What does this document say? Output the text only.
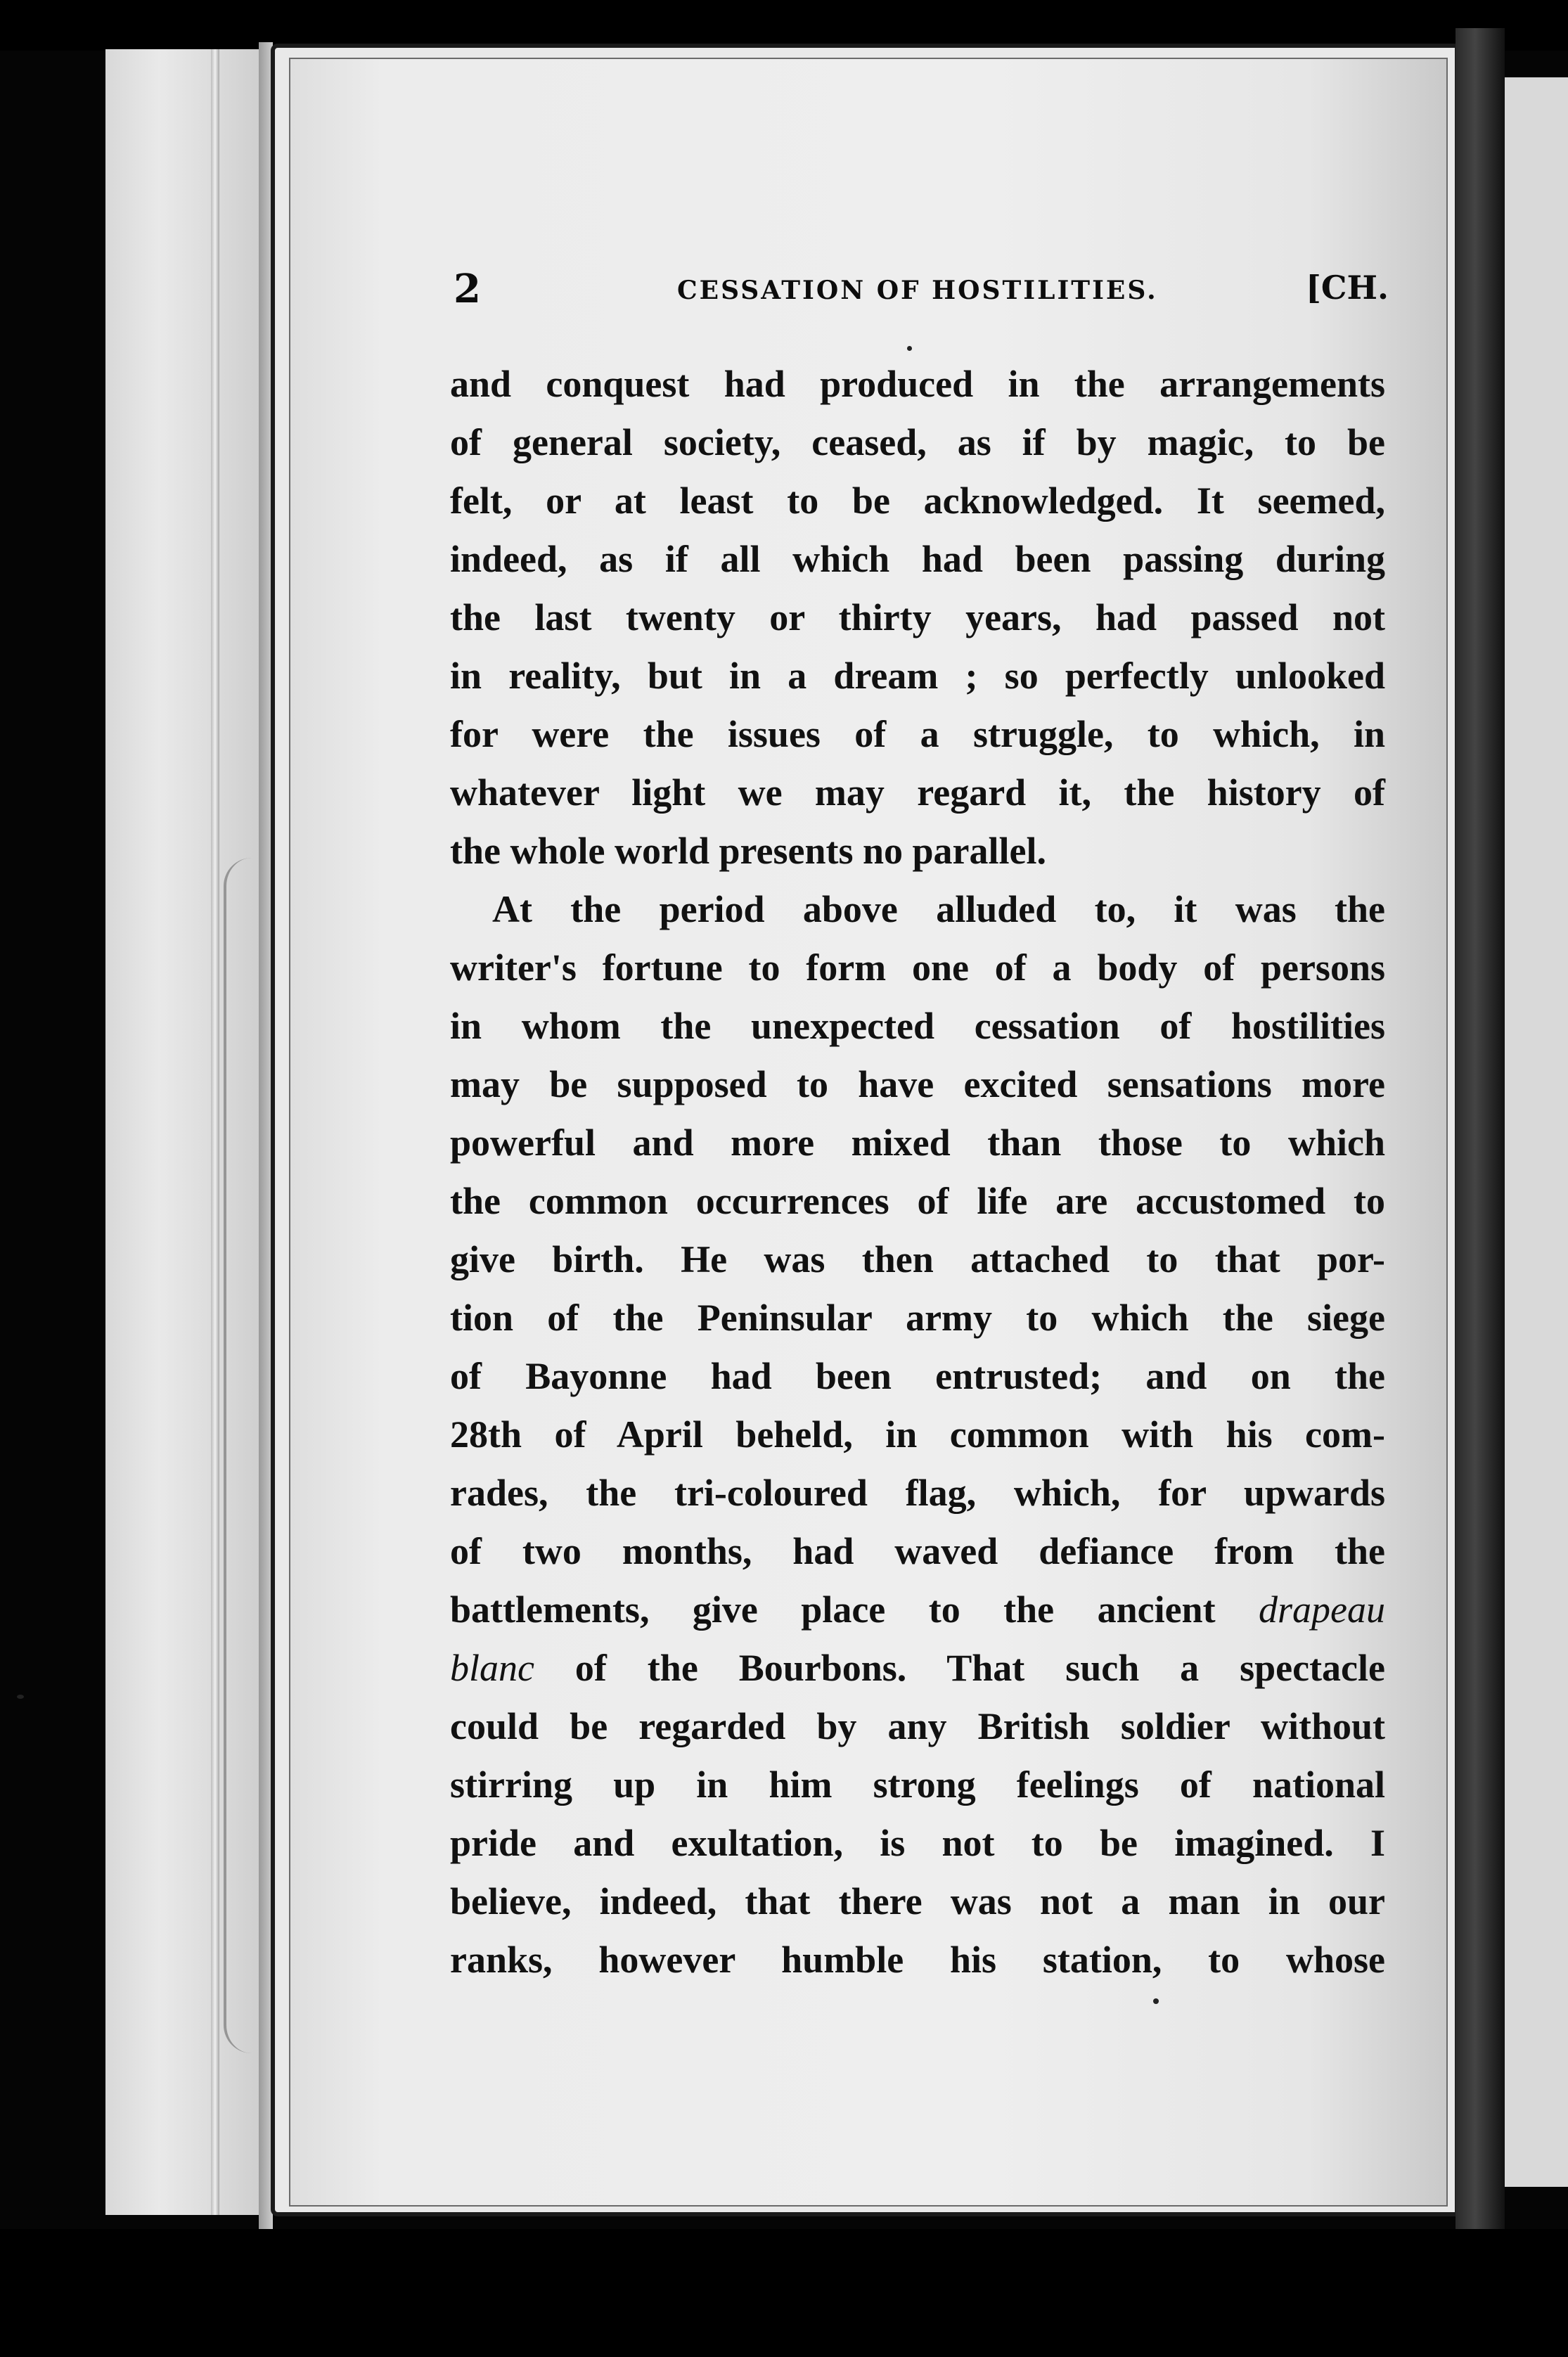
2	CESSATION OF HOSTILITIES.	[CH.
and conquest had produced in the arrangements
of general society, ceased, as if by magic, to be
felt, or at least to be acknowledged. It seemed,
indeed, as if all which had been passing during
the last twenty or thirty years, had passed not
in reality, but in a dream ; so perfectly unlooked
for were the issues of a struggle, to which, in
whatever light we may regard it, the history of
the whole world presents no parallel.
At the period above alluded to, it was the
writer's fortune to form one of a body of persons
in whom the unexpected cessation of hostilities
may be supposed to have excited sensations more
powerful and more mixed than those to which
the common occurrences of life are accustomed to
give birth. He was then attached to that por-
tion of the Peninsular army to which the siege
of Bayonne had been entrusted; and on the
28th of April beheld, in common with his com-
rades, the tri-coloured flag, which, for upwards
of two months, had waved defiance from the
battlements, give place to the ancient drapeau
blanc of the Bourbons. That such a spectacle
could be regarded by any British soldier without
stirring up in him strong feelings of national
pride and exultation, is not to be imagined. I
believe, indeed, that there was not a man in our
ranks, however humble his station, to whose
